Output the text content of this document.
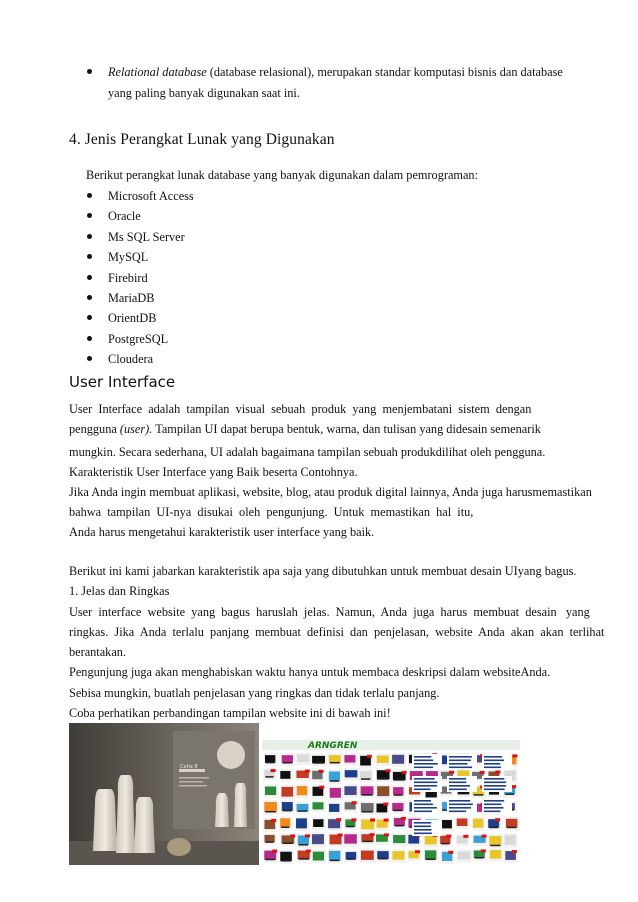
Relational database (database relasional), merupakan standar komputasi bisnis dan database
yang paling banyak digunakan saat ini.
4. Jenis Perangkat Lunak yang Digunakan
Berikut perangkat lunak database yang banyak digunakan dalam pemrograman:
Microsoft Access
Oracle
Ms SQL Server
MySQL
Firebird
MariaDB
OrientDB
PostgreSQL
Cloudera
User Interface
User  Interface  adalah  tampilan  visual  sebuah  produk  yang  menjembatani  sistem  dengan
pengguna (user). Tampilan UI dapat berupa bentuk, warna, dan tulisan yang didesain semenarik
mungkin. Secara sederhana, UI adalah bagaimana tampilan sebuah produkdilihat oleh pengguna.
Karakteristik User Interface yang Baik beserta Contohnya.
Jika Anda ingin membuat aplikasi, website, blog, atau produk digital lainnya, Anda juga harusmemastikan
bahwa  tampilan  UI-nya  disukai  oleh  pengunjung.  Untuk  memastikan  hal  itu,
Anda harus mengetahui karakteristik user interface yang baik.
Berikut ini kami jabarkan karakteristik apa saja yang dibutuhkan untuk membuat desain UIyang bagus.
1. Jelas dan Ringkas
User  interface  website  yang  bagus  haruslah  jelas.  Namun,  Anda  juga  harus  membuat  desain   yang
ringkas.  Jika  Anda  terlalu  panjang  membuat  definisi  dan  penjelasan,  website  Anda  akan  akan  terlihat
berantakan.
Pengunjung juga akan menghabiskan waktu hanya untuk membaca deskripsi dalam websiteAnda.
Sebisa mungkin, buatlah penjelasan yang ringkas dan tidak terlalu panjang.
Coba perhatikan perbandingan tampilan website ini di bawah ini!
Ceha 8
ARNGREN
